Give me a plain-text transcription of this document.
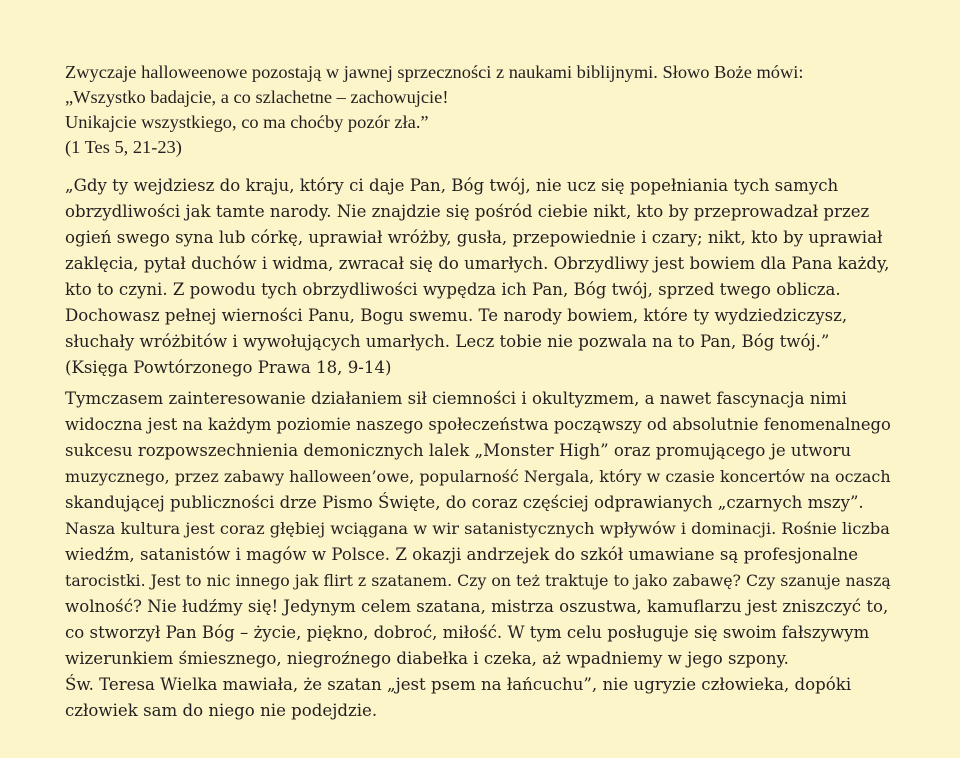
Zwyczaje halloweenowe pozostają w jawnej sprzeczności z naukami biblijnymi. Słowo Boże mówi:
„Wszystko badajcie, a co szlachetne – zachowujcie!
Unikajcie wszystkiego, co ma choćby pozór zła.”
(1 Tes 5, 21-23)
„Gdy ty wejdziesz do kraju, który ci daje Pan, Bóg twój, nie ucz się popełniania tych samych
obrzydliwości jak tamte narody. Nie znajdzie się pośród ciebie nikt, kto by przeprowadzał przez
ogień swego syna lub córkę, uprawiał wróżby, gusła, przepowiednie i czary; nikt, kto by uprawiał
zaklęcia, pytał duchów i widma, zwracał się do umarłych. Obrzydliwy jest bowiem dla Pana każdy,
kto to czyni. Z powodu tych obrzydliwości wypędza ich Pan, Bóg twój, sprzed twego oblicza.
Dochowasz pełnej wierności Panu, Bogu swemu. Te narody bowiem, które ty wydziedziczysz,
słuchały wróżbitów i wywołujących umarłych. Lecz tobie nie pozwala na to Pan, Bóg twój.”
(Księga Powtórzonego Prawa 18, 9-14)
Tymczasem zainteresowanie działaniem sił ciemności i okultyzmem, a nawet fascynacja nimi
widoczna jest na każdym poziomie naszego społeczeństwa począwszy od absolutnie fenomenalnego
sukcesu rozpowszechnienia demonicznych lalek „Monster High” oraz promującego je utworu
muzycznego, przez zabawy halloween’owe, popularność Nergala, który w czasie koncertów na oczach
skandującej publiczności drze Pismo Święte, do coraz częściej odprawianych „czarnych mszy”.
Nasza kultura jest coraz głębiej wciągana w wir satanistycznych wpływów i dominacji. Rośnie liczba
wiedźm, satanistów i magów w Polsce. Z okazji andrzejek do szkół umawiane są profesjonalne
tarocistki. Jest to nic innego jak flirt z szatanem. Czy on też traktuje to jako zabawę? Czy szanuje naszą
wolność? Nie łudźmy się! Jedynym celem szatana, mistrza oszustwa, kamuflarzu jest zniszczyć to,
co stworzył Pan Bóg – życie, piękno, dobroć, miłość. W tym celu posługuje się swoim fałszywym
wizerunkiem śmiesznego, niegroźnego diabełka i czeka, aż wpadniemy w jego szpony.
Św. Teresa Wielka mawiała, że szatan „jest psem na łańcuchu”, nie ugryzie człowieka, dopóki
człowiek sam do niego nie podejdzie.
